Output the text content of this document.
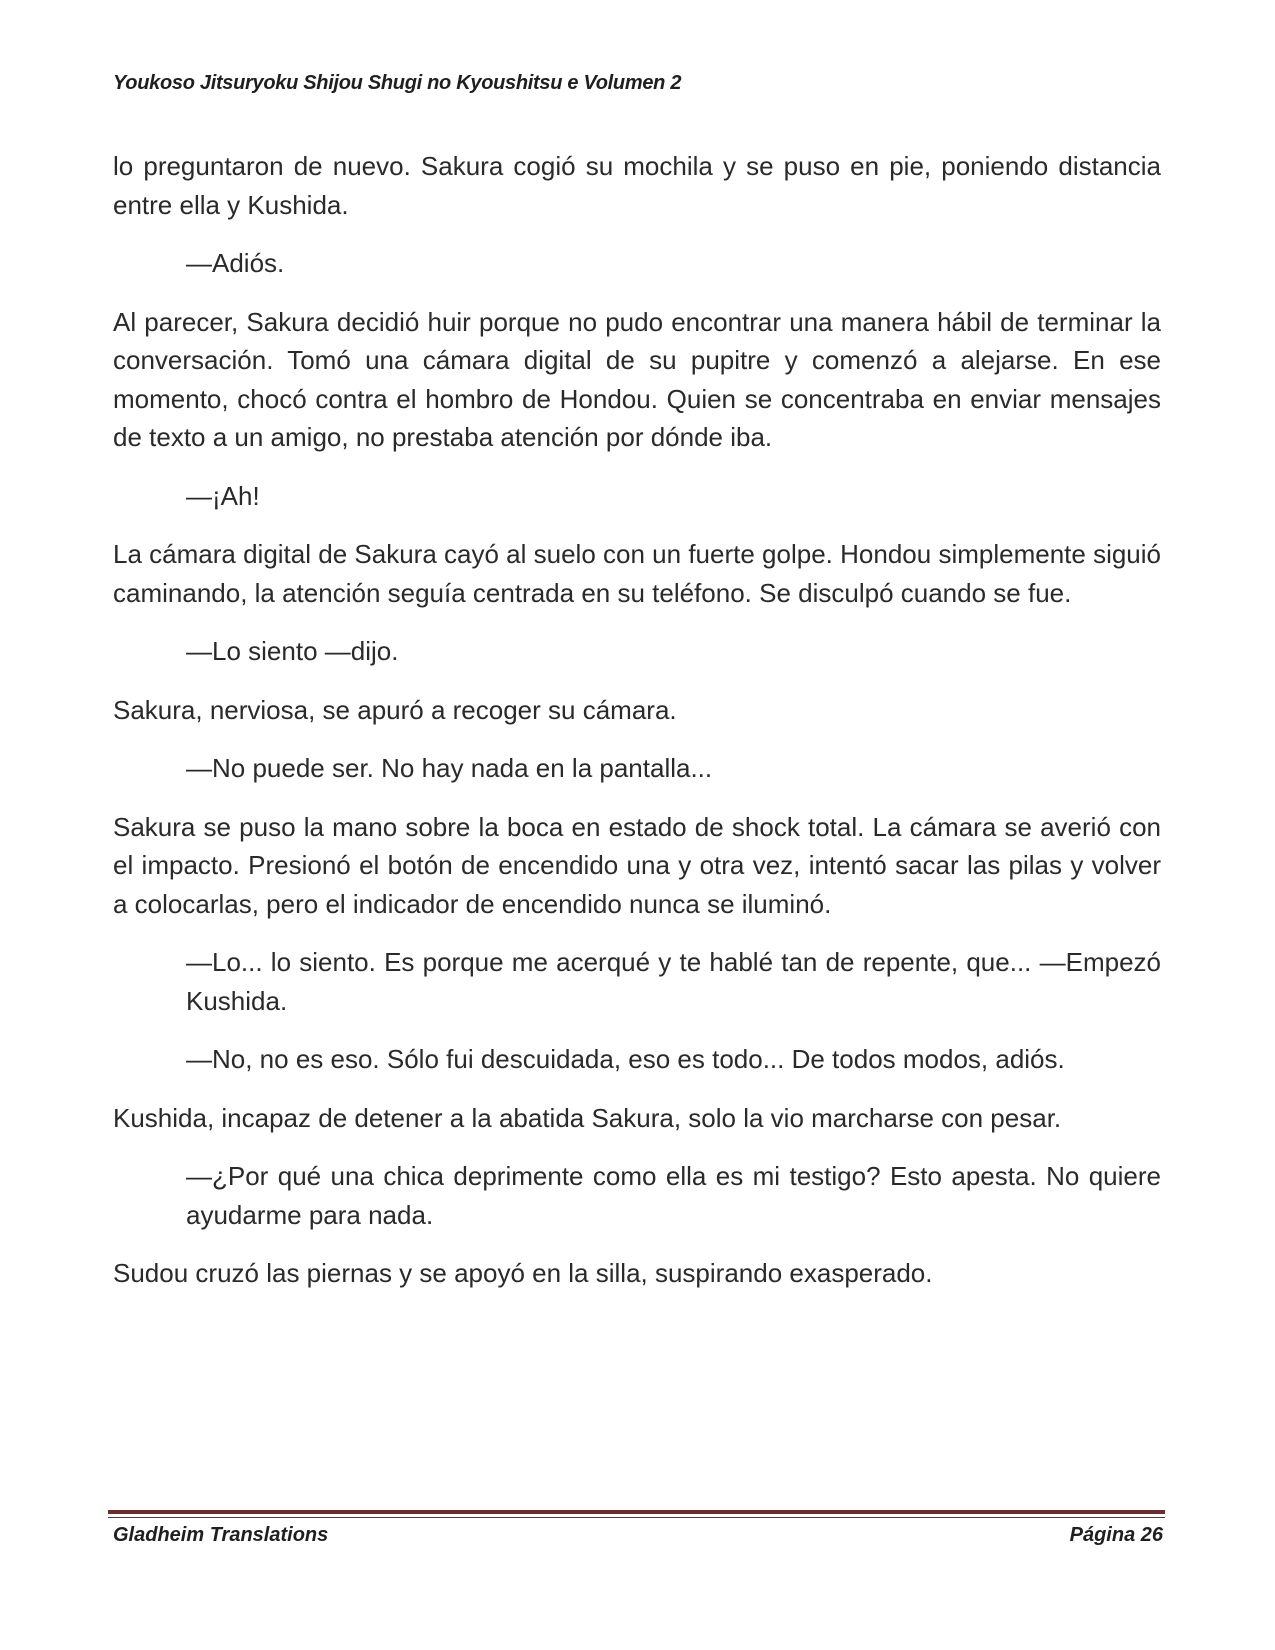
Youkoso Jitsuryoku Shijou Shugi no Kyoushitsu e Volumen 2

lo preguntaron de nuevo. Sakura cogió su mochila y se puso en pie, poniendo distancia entre ella y Kushida.

—Adiós.

Al parecer, Sakura decidió huir porque no pudo encontrar una manera hábil de terminar la conversación. Tomó una cámara digital de su pupitre y comenzó a alejarse. En ese momento, chocó contra el hombro de Hondou. Quien se concentraba en enviar mensajes de texto a un amigo, no prestaba atención por dónde iba.

—¡Ah!

La cámara digital de Sakura cayó al suelo con un fuerte golpe. Hondou simplemente siguió caminando, la atención seguía centrada en su teléfono. Se disculpó cuando se fue.

—Lo siento —dijo.

Sakura, nerviosa, se apuró a recoger su cámara.

—No puede ser. No hay nada en la pantalla...

Sakura se puso la mano sobre la boca en estado de shock total. La cámara se averió con el impacto. Presionó el botón de encendido una y otra vez, intentó sacar las pilas y volver a colocarlas, pero el indicador de encendido nunca se iluminó.

—Lo... lo siento. Es porque me acerqué y te hablé tan de repente, que... —Empezó Kushida.

—No, no es eso. Sólo fui descuidada, eso es todo... De todos modos, adiós.

Kushida, incapaz de detener a la abatida Sakura, solo la vio marcharse con pesar.

—¿Por qué una chica deprimente como ella es mi testigo? Esto apesta. No quiere ayudarme para nada.

Sudou cruzó las piernas y se apoyó en la silla, suspirando exasperado.

Gladheim Translations	Página 26
